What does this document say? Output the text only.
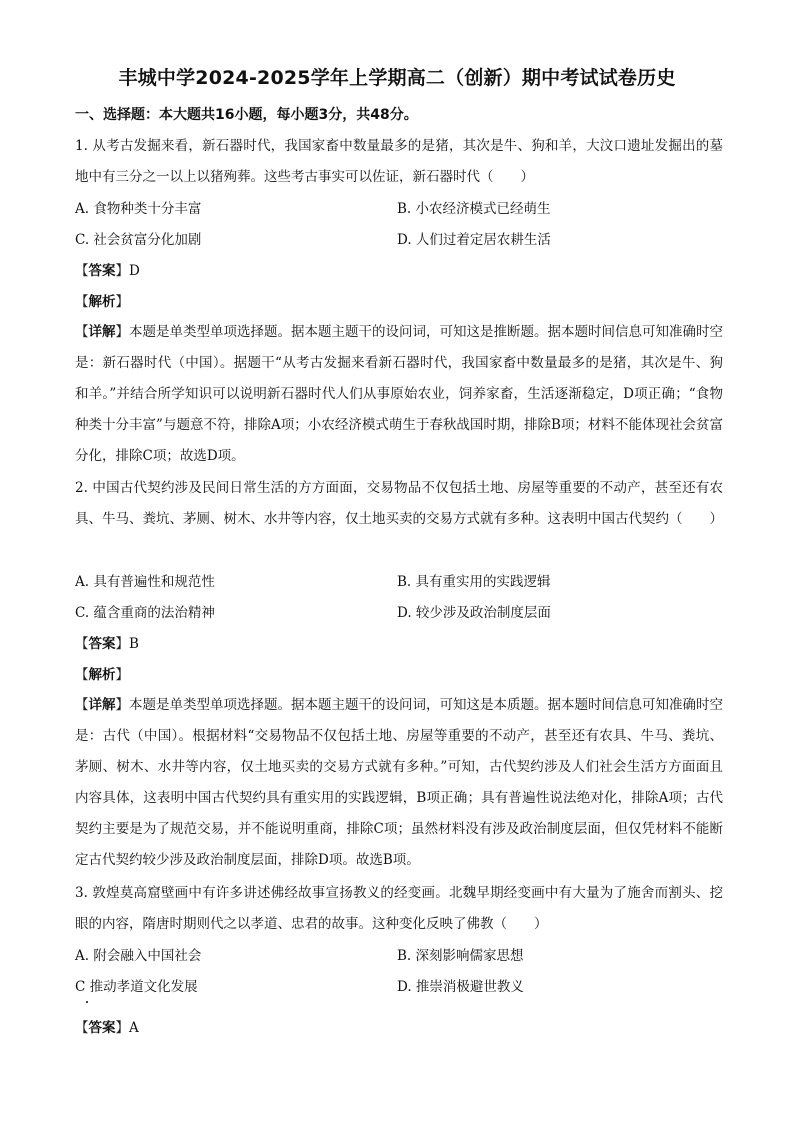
丰城中学2024-2025学年上学期高二（创新）期中考试试卷历史
一、选择题：本大题共16小题，每小题3分，共48分。
1. 从考古发掘来看，新石器时代，我国家畜中数量最多的是猪，其次是牛、狗和羊，大汶口遗址发掘出的墓地中有三分之一以上以猪殉葬。这些考古事实可以佐证，新石器时代（　　）
A. 食物种类十分丰富	B. 小农经济模式已经萌生
C. 社会贫富分化加剧	D. 人们过着定居农耕生活
【答案】D
【解析】
【详解】本题是单类型单项选择题。据本题主题干的设问词，可知这是推断题。据本题时间信息可知准确时空是：新石器时代（中国）。据题干“从考古发掘来看新石器时代，我国家畜中数量最多的是猪，其次是牛、狗和羊。”并结合所学知识可以说明新石器时代人们从事原始农业，饲养家畜，生活逐渐稳定，D项正确；“食物种类十分丰富”与题意不符，排除A项；小农经济模式萌生于春秋战国时期，排除B项；材料不能体现社会贫富分化，排除C项；故选D项。
2. 中国古代契约涉及民间日常生活的方方面面，交易物品不仅包括土地、房屋等重要的不动产，甚至还有农具、牛马、粪坑、茅厕、树木、水井等内容，仅土地买卖的交易方式就有多种。这表明中国古代契约（　　）
A. 具有普遍性和规范性	B. 具有重实用的实践逻辑
C. 蕴含重商的法治精神	D. 较少涉及政治制度层面
【答案】B
【解析】
【详解】本题是单类型单项选择题。据本题主题干的设问词，可知这是本质题。据本题时间信息可知准确时空是：古代（中国）。根据材料“交易物品不仅包括土地、房屋等重要的不动产，甚至还有农具、牛马、粪坑、茅厕、树木、水井等内容，仅土地买卖的交易方式就有多种。”可知，古代契约涉及人们社会生活方方面面且内容具体，这表明中国古代契约具有重实用的实践逻辑，B项正确；具有普遍性说法绝对化，排除A项；古代契约主要是为了规范交易，并不能说明重商，排除C项；虽然材料没有涉及政治制度层面，但仅凭材料不能断定古代契约较少涉及政治制度层面，排除D项。故选B项。
3. 敦煌莫高窟壁画中有许多讲述佛经故事宣扬教义的经变画。北魏早期经变画中有大量为了施舍而割头、挖眼的内容，隋唐时期则代之以孝道、忠君的故事。这种变化反映了佛教（　　）
A. 附会融入中国社会	B. 深刻影响儒家思想
C 推动孝道文化发展	D. 推崇消极避世教义
【答案】A
